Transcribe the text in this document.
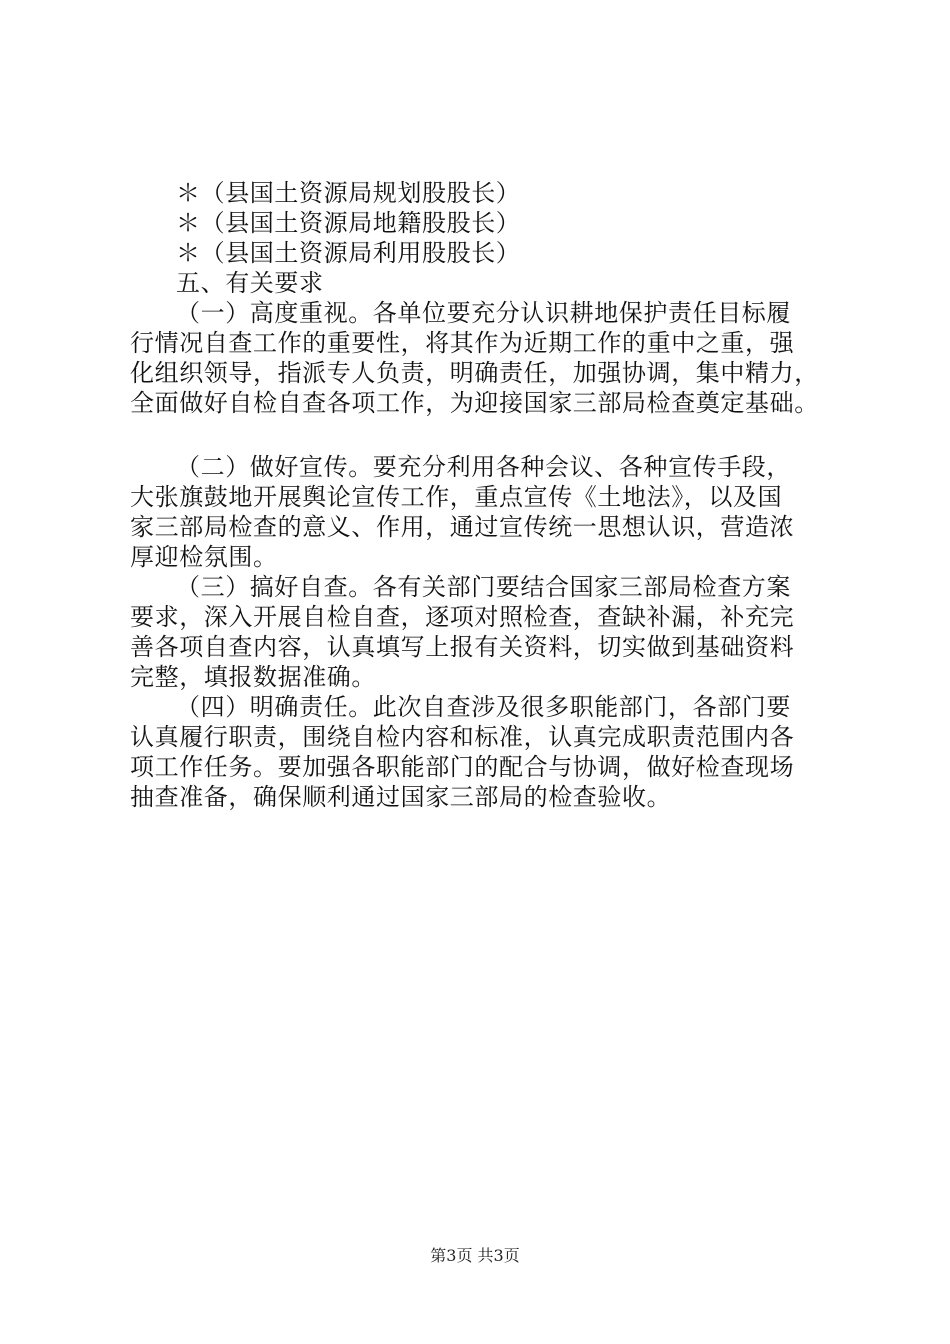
＊（县国土资源局规划股股长）
＊（县国土资源局地籍股股长）
＊（县国土资源局利用股股长）
五、有关要求
（一）高度重视。各单位要充分认识耕地保护责任目标履
行情况自查工作的重要性，将其作为近期工作的重中之重，强
化组织领导，指派专人负责，明确责任，加强协调，集中精力，
全面做好自检自查各项工作，为迎接国家三部局检查奠定基础。
（二）做好宣传。要充分利用各种会议、各种宣传手段，
大张旗鼓地开展舆论宣传工作，重点宣传《土地法》，以及国
家三部局检查的意义、作用，通过宣传统一思想认识，营造浓
厚迎检氛围。
（三）搞好自查。各有关部门要结合国家三部局检查方案
要求，深入开展自检自查，逐项对照检查，查缺补漏，补充完
善各项自查内容，认真填写上报有关资料，切实做到基础资料
完整，填报数据准确。
（四）明确责任。此次自查涉及很多职能部门，各部门要
认真履行职责，围绕自检内容和标准，认真完成职责范围内各
项工作任务。要加强各职能部门的配合与协调，做好检查现场
抽查准备，确保顺利通过国家三部局的检查验收。
第3页 共3页
